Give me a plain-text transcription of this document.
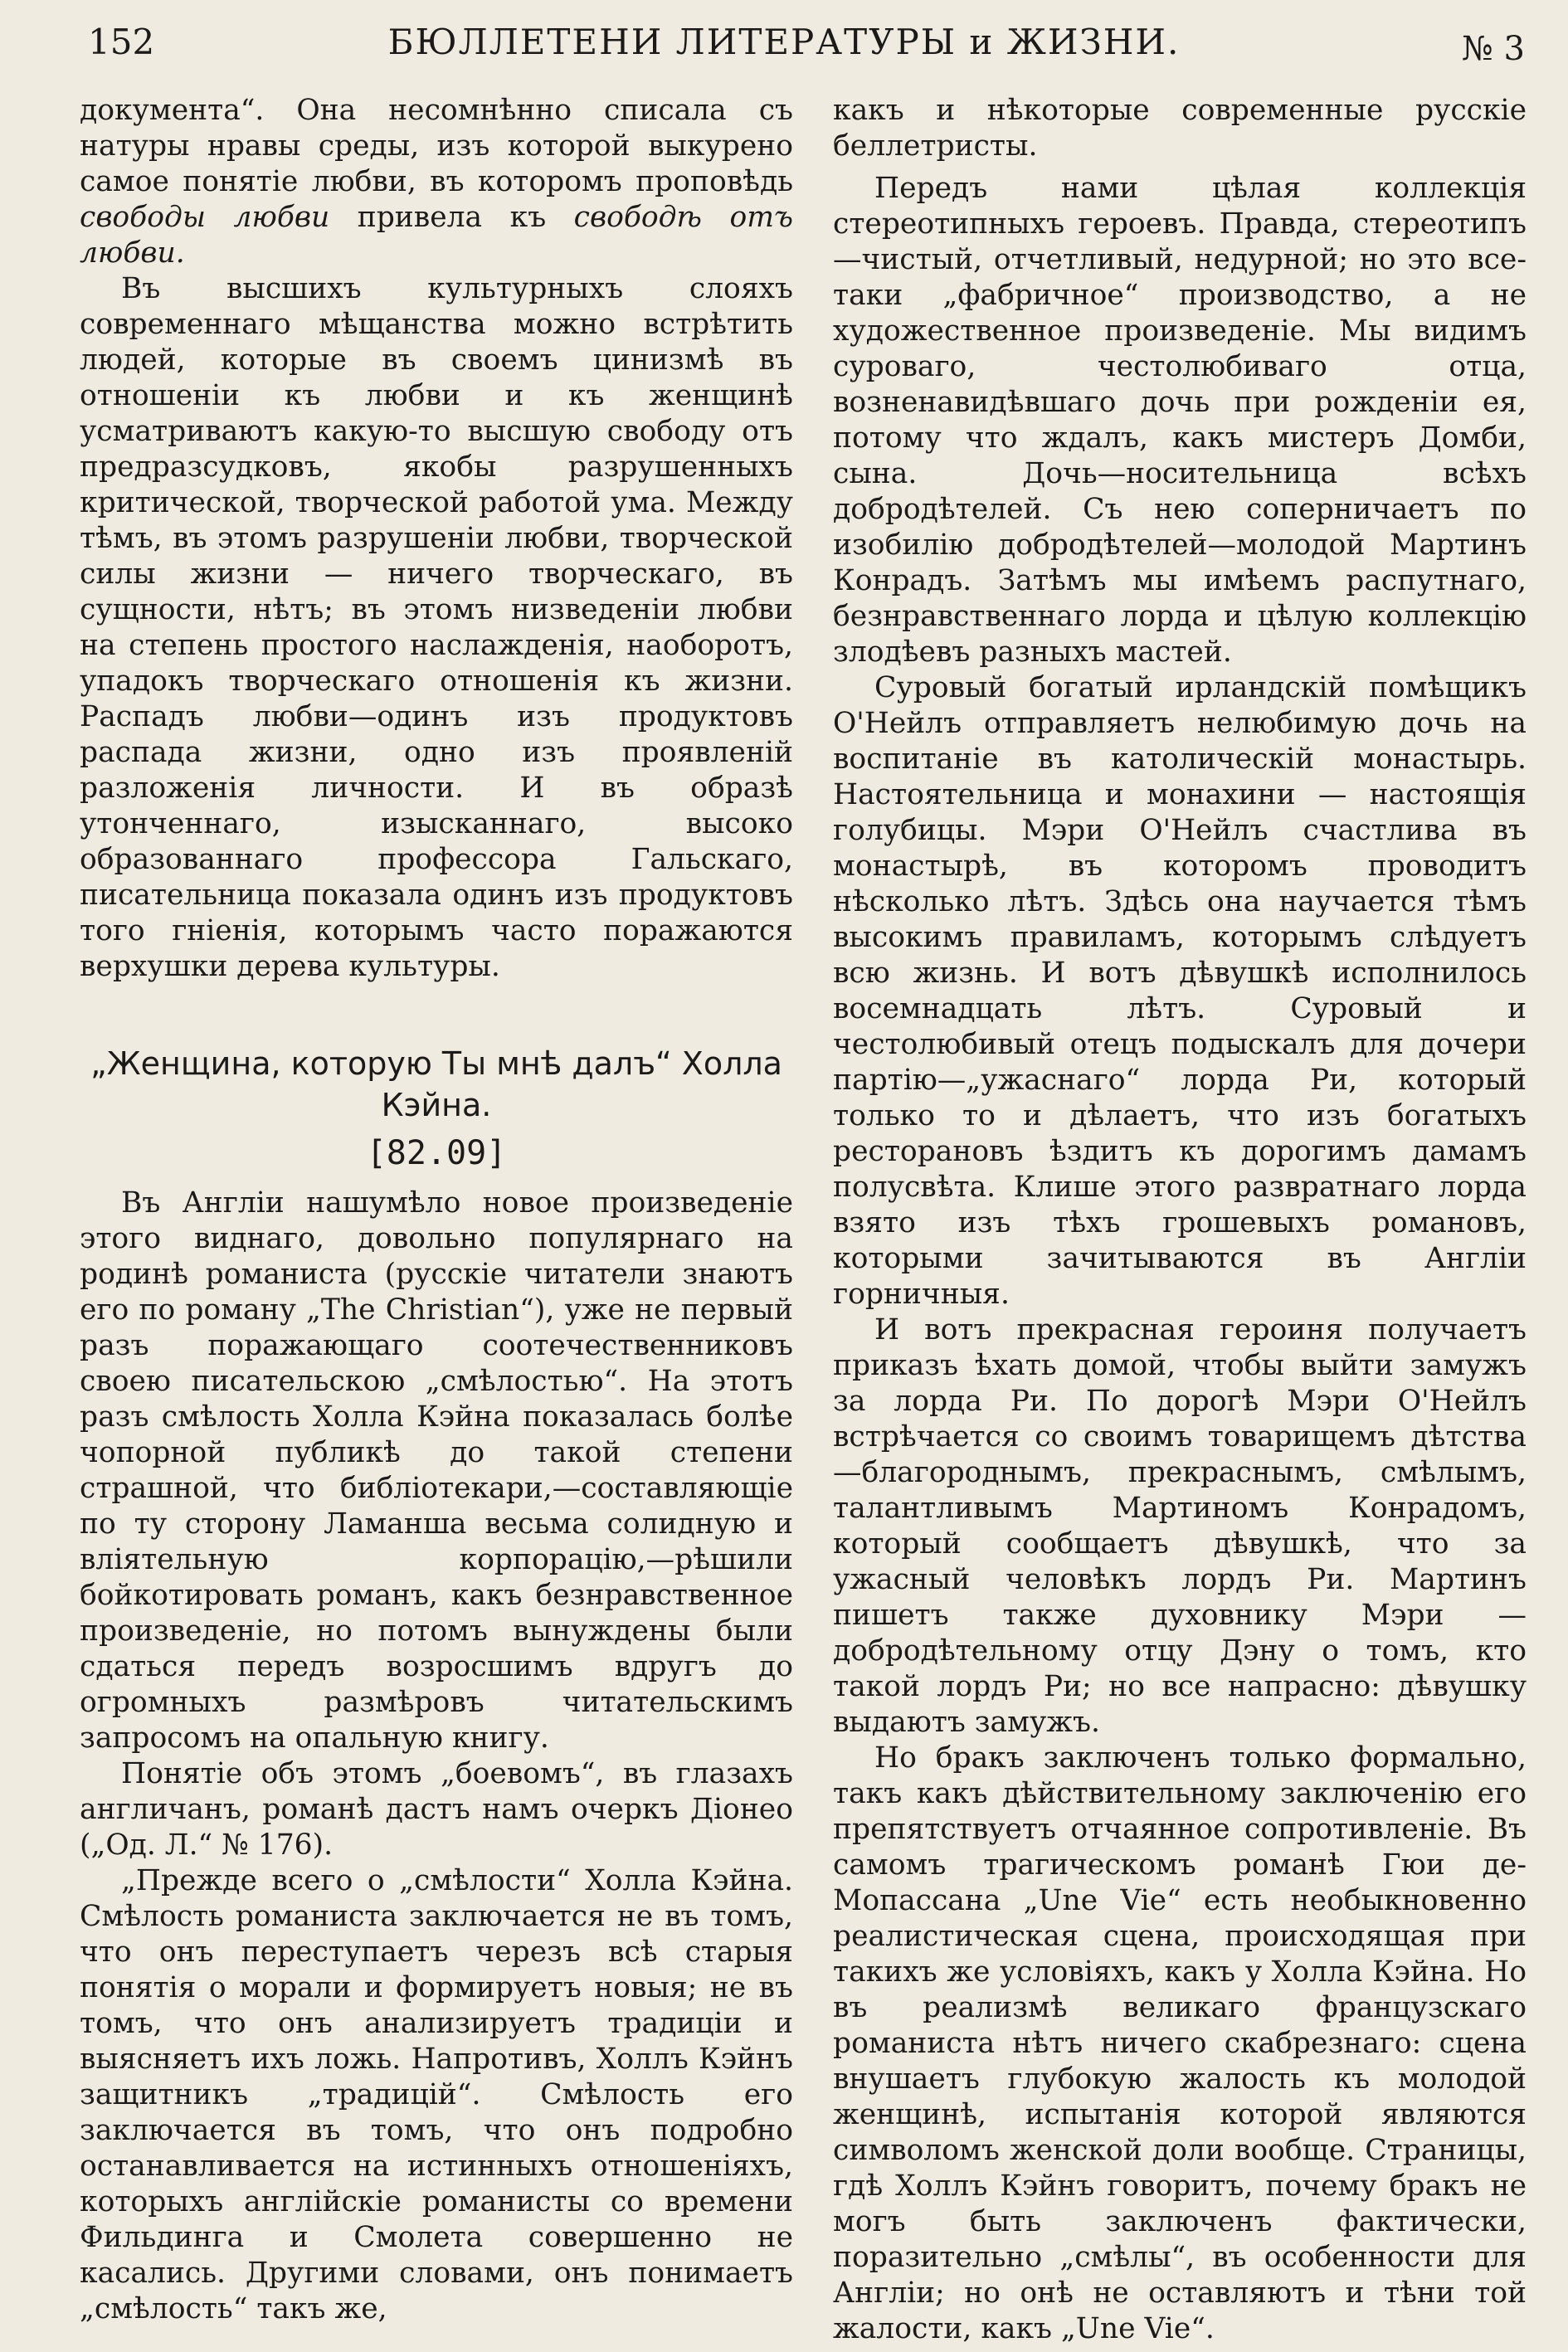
152	БЮЛЛЕТЕНИ ЛИТЕРАТУРЫ и ЖИЗНИ.	№ 3

документа“. Она несомнѣнно списала съ натуры нравы среды, изъ которой выкурено самое понятіе любви, въ которомъ проповѣдь свободы любви привела къ свободѣ отъ любви.

Въ высшихъ культурныхъ слояхъ современнаго мѣщанства можно встрѣтить людей, которые въ своемъ цинизмѣ въ отношеніи къ любви и къ женщинѣ усматриваютъ какую-то высшую свободу отъ предразсудковъ, якобы разрушенныхъ критической, творческой работой ума. Между тѣмъ, въ этомъ разрушеніи любви, творческой силы жизни — ничего творческаго, въ сущности, нѣтъ; въ этомъ низведеніи любви на степень простого наслажденія, наоборотъ, упадокъ творческаго отношенія къ жизни. Распадъ любви—одинъ изъ продуктовъ распада жизни, одно изъ проявленій разложенія личности. И въ образѣ утонченнаго, изысканнаго, высоко образованнаго профессора Гальскаго, писательница показала одинъ изъ продуктовъ того гніенія, которымъ часто поражаются верхушки дерева культуры.

„Женщина, которую Ты мнѣ далъ“ Холла Кэйна.
[82.09]

Въ Англіи нашумѣло новое произведеніе этого виднаго, довольно популярнаго на родинѣ романиста (русскіе читатели знаютъ его по роману „The Christian“), уже не первый разъ поражающаго соотечественниковъ своею писательскою „смѣлостью“. На этотъ разъ смѣлость Холла Кэйна показалась болѣе чопорной публикѣ до такой степени страшной, что библіотекари,—составляющіе по ту сторону Ламанша весьма солидную и вліятельную корпорацію,—рѣшили бойкотировать романъ, какъ безнравственное произведеніе, но потомъ вынуждены были сдаться передъ возросшимъ вдругъ до огромныхъ размѣровъ читательскимъ запросомъ на опальную книгу.

Понятіе объ этомъ „боевомъ“, въ глазахъ англичанъ, романѣ дастъ намъ очеркъ Діонео („Од. Л.“ № 176).

„Прежде всего о „смѣлости“ Холла Кэйна. Смѣлость романиста заключается не въ томъ, что онъ переступаетъ черезъ всѣ старыя понятія о морали и формируетъ новыя; не въ томъ, что онъ анализируетъ традиціи и выясняетъ ихъ ложь. Напротивъ, Холлъ Кэйнъ защитникъ „традицій“. Смѣлость его заключается въ томъ, что онъ подробно останавливается на истинныхъ отношеніяхъ, которыхъ англійскіе романисты со времени Фильдинга и Смолета совершенно не касались. Другими словами, онъ понимаетъ „смѣлость“ такъ же,

какъ и нѣкоторые современные русскіе беллетристы.

Передъ нами цѣлая коллекція стереотипныхъ героевъ. Правда, стереотипъ —чистый, отчетливый, недурной; но это все-таки „фабричное“ производство, а не художественное произведеніе. Мы видимъ суроваго, честолюбиваго отца, возненавидѣвшаго дочь при рожденіи ея, потому что ждалъ, какъ мистеръ Домби, сына. Дочь—носительница всѣхъ добродѣтелей. Съ нею соперничаетъ по изобилію добродѣтелей—молодой Мартинъ Конрадъ. Затѣмъ мы имѣемъ распутнаго, безнравственнаго лорда и цѣлую коллекцію злодѣевъ разныхъ мастей.

Суровый богатый ирландскій помѣщикъ О'Нейлъ отправляетъ нелюбимую дочь на воспитаніе въ католическій монастырь. Настоятельница и монахини — настоящія голубицы. Мэри О'Нейлъ счастлива въ монастырѣ, въ которомъ проводитъ нѣсколько лѣтъ. Здѣсь она научается тѣмъ высокимъ правиламъ, которымъ слѣдуетъ всю жизнь. И вотъ дѣвушкѣ исполнилось восемнадцать лѣтъ. Суровый и честолюбивый отецъ подыскалъ для дочери партію—„ужаснаго“ лорда Ри, который только то и дѣлаетъ, что изъ богатыхъ ресторановъ ѣздитъ къ дорогимъ дамамъ полусвѣта. Клише этого развратнаго лорда взято изъ тѣхъ грошевыхъ романовъ, которыми зачитываются въ Англіи горничныя.

И вотъ прекрасная героиня получаетъ приказъ ѣхать домой, чтобы выйти замужъ за лорда Ри. По дорогѣ Мэри О'Нейлъ встрѣчается со своимъ товарищемъ дѣтства—благороднымъ, прекраснымъ, смѣлымъ, талантливымъ Мартиномъ Конрадомъ, который сообщаетъ дѣвушкѣ, что за ужасный человѣкъ лордъ Ри. Мартинъ пишетъ также духовнику Мэри — добродѣтельному отцу Дэну о томъ, кто такой лордъ Ри; но все напрасно: дѣвушку выдаютъ замужъ.

Но бракъ заключенъ только формально, такъ какъ дѣйствительному заключенію его препятствуетъ отчаянное сопротивленіе. Въ самомъ трагическомъ романѣ Гюи де-Мопассана „Une Vie“ есть необыкновенно реалистическая сцена, происходящая при такихъ же условіяхъ, какъ у Холла Кэйна. Но въ реализмѣ великаго французскаго романиста нѣтъ ничего скабрезнаго: сцена внушаетъ глубокую жалость къ молодой женщинѣ, испытанія которой являются символомъ женской доли вообще. Страницы, гдѣ Холлъ Кэйнъ говоритъ, почему бракъ не могъ быть заключенъ фактически, поразительно „смѣлы“, въ особенности для Англіи; но онѣ не оставляютъ и тѣни той жалости, какъ „Une Vie“.
